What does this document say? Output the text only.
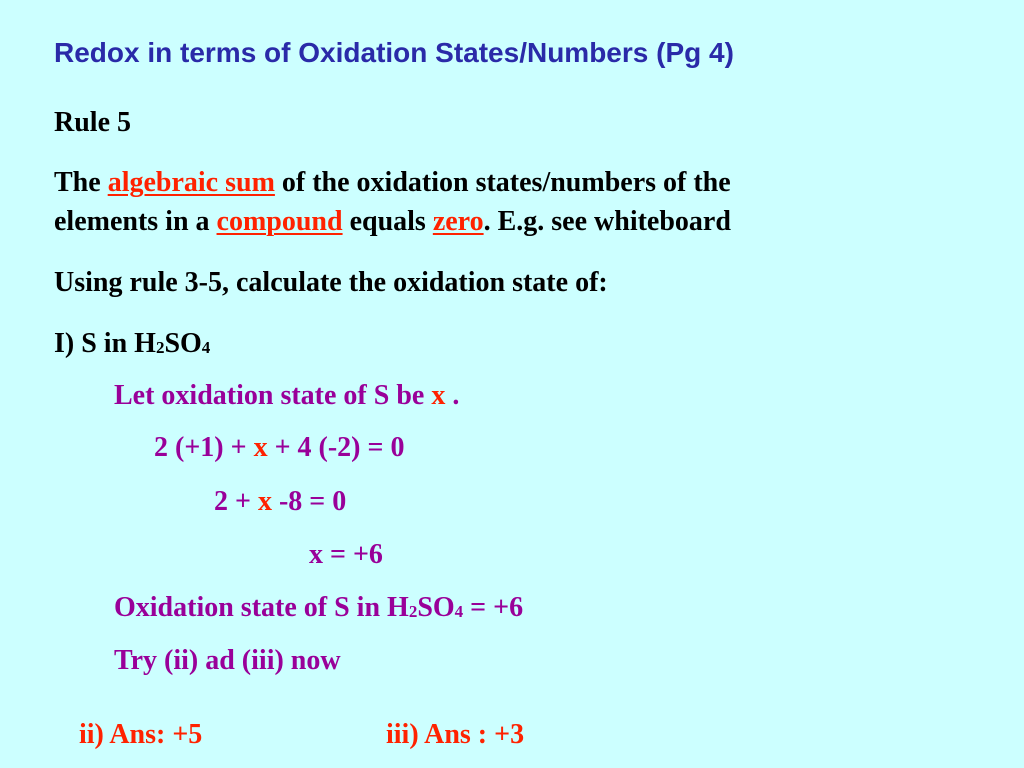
Redox in terms of Oxidation States/Numbers (Pg 4)
Rule 5
The algebraic sum of the oxidation states/numbers of the
elements in a compound equals zero. E.g. see whiteboard
Using rule 3-5, calculate the oxidation state of:
I) S in $H_2SO_4$
Let oxidation state of S be x .
2 (+1) + x + 4 (-2) = 0
2 + x -8 = 0
x = +6
Oxidation state of S in $H_2SO_4 = +6$
Try (ii) ad (iii) now
ii) Ans: +5	iii) Ans : +3
